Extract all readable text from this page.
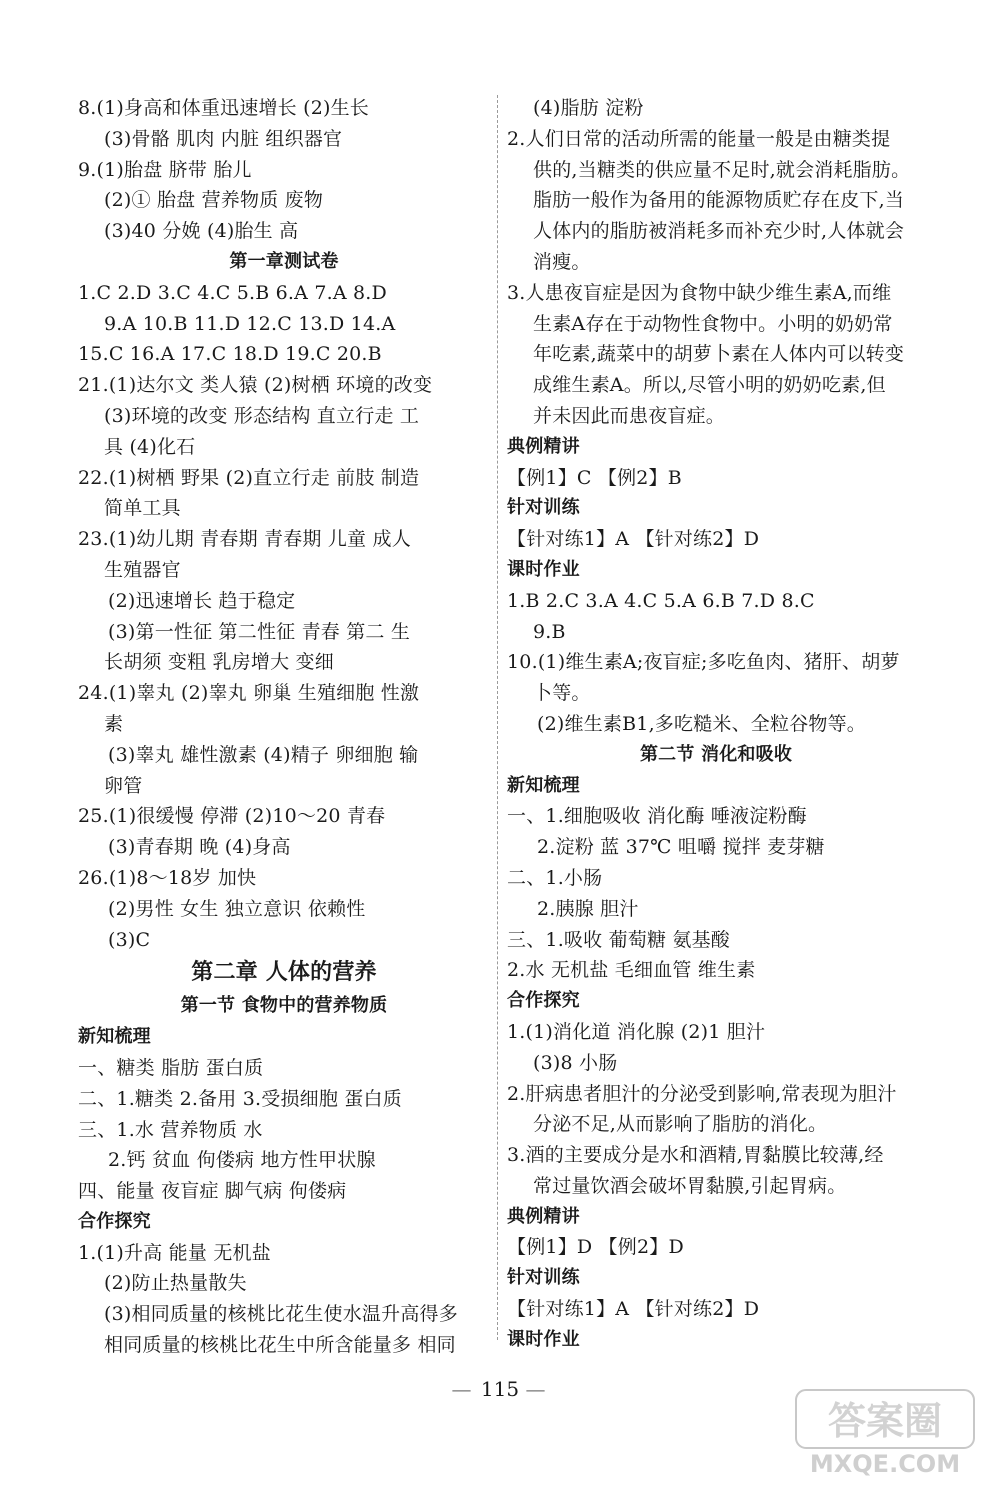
8.(1)身高和体重迅速增长 (2)生长
(3)骨骼 肌肉 内脏 组织器官
9.(1)胎盘 脐带 胎儿
(2)① 胎盘 营养物质 废物
(3)40 分娩 (4)胎生 高
第一章测试卷
1.C 2.D 3.C 4.C 5.B 6.A 7.A 8.D
9.A 10.B 11.D 12.C 13.D 14.A
15.C 16.A 17.C 18.D 19.C 20.B
21.(1)达尔文 类人猿 (2)树栖 环境的改变
(3)环境的改变 形态结构 直立行走 工
具 (4)化石
22.(1)树栖 野果 (2)直立行走 前肢 制造
简单工具
23.(1)幼儿期 青春期 青春期 儿童 成人
生殖器官
(2)迅速增长 趋于稳定
(3)第一性征 第二性征 青春 第二 生
长胡须 变粗 乳房增大 变细
24.(1)睾丸 (2)睾丸 卵巢 生殖细胞 性激
素
(3)睾丸 雄性激素 (4)精子 卵细胞 输
卵管
25.(1)很缓慢 停滞 (2)10～20 青春
(3)青春期 晚 (4)身高
26.(1)8～18岁 加快
(2)男性 女生 独立意识 依赖性
(3)C
第二章 人体的营养
第一节 食物中的营养物质
新知梳理
一、糖类 脂肪 蛋白质
二、1.糖类 2.备用 3.受损细胞 蛋白质
三、1.水 营养物质 水
2.钙 贫血 佝偻病 地方性甲状腺
四、能量 夜盲症 脚气病 佝偻病
合作探究
1.(1)升高 能量 无机盐
(2)防止热量散失
(3)相同质量的核桃比花生使水温升高得多
相同质量的核桃比花生中所含能量多 相同
(4)脂肪 淀粉
2.人们日常的活动所需的能量一般是由糖类提
供的,当糖类的供应量不足时,就会消耗脂肪。
脂肪一般作为备用的能源物质贮存在皮下,当
人体内的脂肪被消耗多而补充少时,人体就会
消瘦。
3.人患夜盲症是因为食物中缺少维生素A,而维
生素A存在于动物性食物中。小明的奶奶常
年吃素,蔬菜中的胡萝卜素在人体内可以转变
成维生素A。所以,尽管小明的奶奶吃素,但
并未因此而患夜盲症。
典例精讲
【例1】C 【例2】B
针对训练
【针对练1】A 【针对练2】D
课时作业
1.B 2.C 3.A 4.C 5.A 6.B 7.D 8.C
9.B
10.(1)维生素A;夜盲症;多吃鱼肉、猪肝、胡萝
卜等。
(2)维生素B1,多吃糙米、全粒谷物等。
第二节 消化和吸收
新知梳理
一、1.细胞吸收 消化酶 唾液淀粉酶
2.淀粉 蓝 37℃ 咀嚼 搅拌 麦芽糖
二、1.小肠
2.胰腺 胆汁
三、1.吸收 葡萄糖 氨基酸
2.水 无机盐 毛细血管 维生素
合作探究
1.(1)消化道 消化腺 (2)1 胆汁
(3)8 小肠
2.肝病患者胆汁的分泌受到影响,常表现为胆汁
分泌不足,从而影响了脂肪的消化。
3.酒的主要成分是水和酒精,胃黏膜比较薄,经
常过量饮酒会破坏胃黏膜,引起胃病。
典例精讲
【例1】D 【例2】D
针对训练
【针对练1】A 【针对练2】D
课时作业
— 115 —
答案圈
MXQE.COM
